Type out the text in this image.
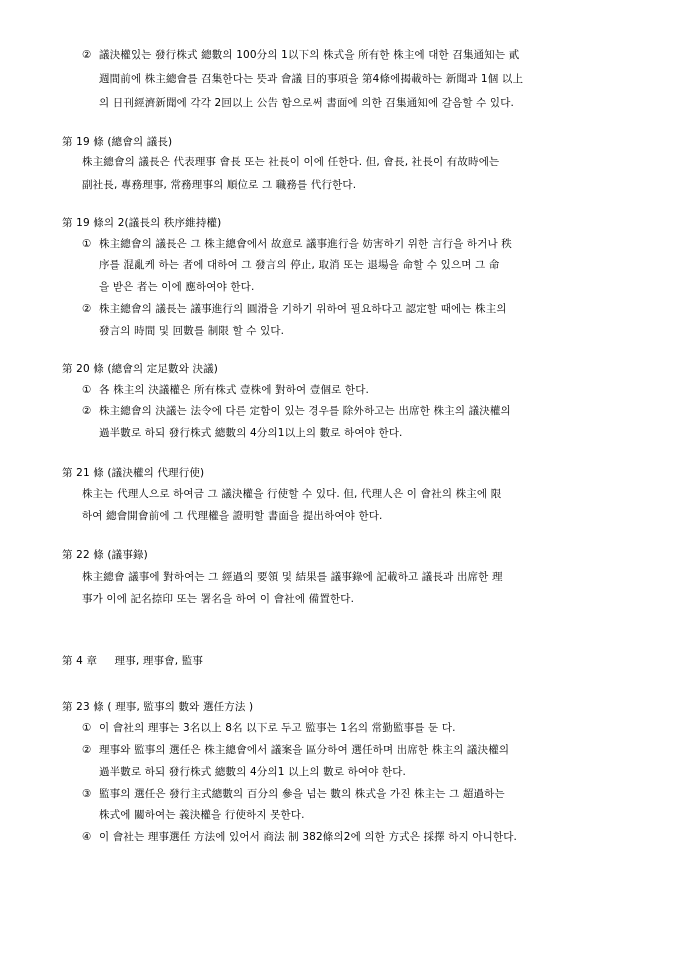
② 議決權있는 發行株式 總數의 100分의 1以下의 株式을 所有한 株主에 대한 召集通知는 貳
週間前에 株主總會를 召集한다는 뜻과 會議 目的事項을 第4條에揭載하는 新聞과 1個 以上
의 日刊經濟新聞에 각각 2回以上 公告 함으로써 書面에 의한 召集通知에 갈음할 수 있다.
第 19 條 (總會의 議長)
株主總會의 議長은 代表理事 會長 또는 社長이 이에 任한다. 但, 會長, 社長이 有故時에는
副社長, 專務理事, 常務理事의 順位로 그 職務를 代行한다.
第 19 條의 2(議長의 秩序維持權)
① 株主總會의 議長은 그 株主總會에서 故意로 議事進行을 妨害하기 위한 言行을 하거나 秩
序를 混亂케 하는 者에 대하여 그 發言의 停止, 取消 또는 退場을 命할 수 있으며 그 命
을 받은 者는 이에 應하여야 한다.
② 株主總會의 議長는 議事進行의 圓滑을 기하기 위하여 필요하다고 認定할 때에는 株主의
發言의 時間 및 回數를 制限 할 수 있다.
第 20 條 (總會의 定足數와 決議)
① 各 株主의 決議權은 所有株式 壹株에 對하여 壹個로 한다.
② 株主總會의 決議는 法令에 다른 定함이 있는 경우를 除外하고는 出席한 株主의 議決權의
過半數로 하되 發行株式 總數의 4分의1以上의 數로 하여야 한다.
第 21 條 (議決權의 代理行使)
株主는 代理人으로 하여금 그 議決權을 行使할 수 있다. 但, 代理人은 이 會社의 株主에 限
하여 總會開會前에 그 代理權을 證明할 書面을 提出하여야 한다.
第 22 條 (議事錄)
株主總會 議事에 對하여는 그 經過의 要領 및 結果를 議事錄에 記載하고 議長과 出席한 理
事가 이에 記名捺印 또는 署名을 하여 이 會社에 備置한다.
第 4 章     理事, 理事會, 監事
第 23 條 ( 理事, 監事의 數와 選任方法 )
① 이 會社의 理事는 3名以上 8名 以下로 두고 監事는 1名의 常勤監事를 둔 다.
② 理事와 監事의 選任은 株主總會에서 議案을 區分하여 選任하며 出席한 株主의 議決權의
過半數로 하되 發行株式 總數의 4分의1 以上의 數로 하여야 한다.
③ 監事의 選任은 發行主式總數의 百分의 參을 넘는 數의 株式을 가진 株主는 그 超過하는
株式에 關하여는 義決權을 行使하지 못한다.
④ 이 會社는 理事選任 方法에 있어서 商法 制 382條의2에 의한 方式은 採擇 하지 아니한다.
